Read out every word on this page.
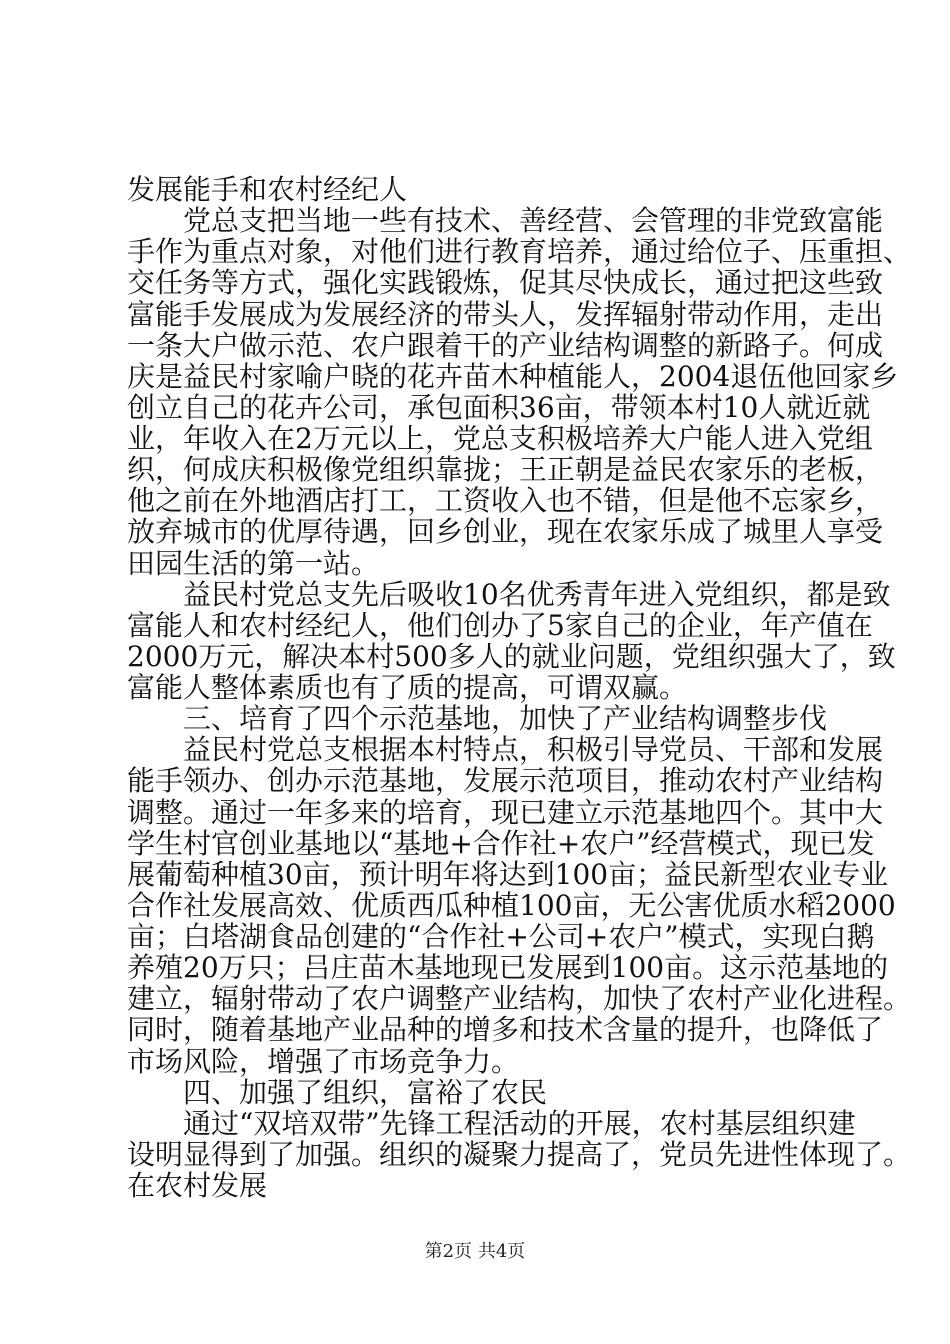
发展能手和农村经纪人
党总支把当地一些有技术、善经营、会管理的非党致富能
手作为重点对象，对他们进行教育培养，通过给位子、压重担、
交任务等方式，强化实践锻炼，促其尽快成长，通过把这些致
富能手发展成为发展经济的带头人，发挥辐射带动作用，走出
一条大户做示范、农户跟着干的产业结构调整的新路子。何成
庆是益民村家喻户晓的花卉苗木种植能人，2004退伍他回家乡
创立自己的花卉公司，承包面积36亩，带领本村10人就近就
业，年收入在2万元以上，党总支积极培养大户能人进入党组
织，何成庆积极像党组织靠拢；王正朝是益民农家乐的老板，
他之前在外地酒店打工，工资收入也不错，但是他不忘家乡，
放弃城市的优厚待遇，回乡创业，现在农家乐成了城里人享受
田园生活的第一站。
益民村党总支先后吸收10名优秀青年进入党组织，都是致
富能人和农村经纪人，他们创办了5家自己的企业，年产值在
2000万元，解决本村500多人的就业问题，党组织强大了，致
富能人整体素质也有了质的提高，可谓双赢。
三、培育了四个示范基地，加快了产业结构调整步伐
益民村党总支根据本村特点，积极引导党员、干部和发展
能手领办、创办示范基地，发展示范项目，推动农村产业结构
调整。通过一年多来的培育，现已建立示范基地四个。其中大
学生村官创业基地以“基地+合作社+农户”经营模式，现已发
展葡萄种植30亩，预计明年将达到100亩；益民新型农业专业
合作社发展高效、优质西瓜种植100亩，无公害优质水稻2000
亩；白塔湖食品创建的“合作社+公司+农户”模式，实现白鹅
养殖20万只；吕庄苗木基地现已发展到100亩。这示范基地的
建立，辐射带动了农户调整产业结构，加快了农村产业化进程。
同时，随着基地产业品种的增多和技术含量的提升，也降低了
市场风险，增强了市场竞争力。
四、加强了组织，富裕了农民
通过“双培双带”先锋工程活动的开展，农村基层组织建
设明显得到了加强。组织的凝聚力提高了，党员先进性体现了。
在农村发展
第2页 共4页
